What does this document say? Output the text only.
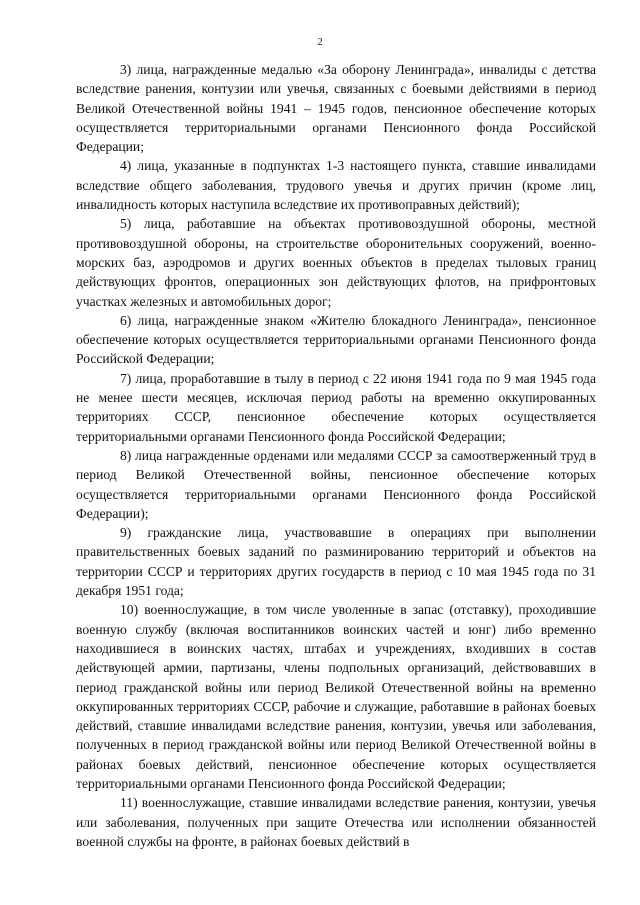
2

3) лица, награжденные медалью «За оборону Ленинграда», инвалиды с детства вследствие ранения, контузии или увечья, связанных с боевыми действиями в период Великой Отечественной войны 1941 – 1945 годов, пенсионное обеспечение которых осуществляется территориальными органами Пенсионного фонда Российской Федерации;

4) лица, указанные в подпунктах 1-3 настоящего пункта, ставшие инвалидами вследствие общего заболевания, трудового увечья и других причин (кроме лиц, инвалидность которых наступила вследствие их противоправных действий);

5) лица, работавшие на объектах противовоздушной обороны, местной противовоздушной обороны, на строительстве оборонительных сооружений, военно-морских баз, аэродромов и других военных объектов в пределах тыловых границ действующих фронтов, операционных зон действующих флотов, на прифронтовых участках железных и автомобильных дорог;

6) лица, награжденные знаком «Жителю блокадного Ленинграда», пенсионное обеспечение которых осуществляется территориальными органами Пенсионного фонда Российской Федерации;

7) лица, проработавшие в тылу в период с 22 июня 1941 года по 9 мая 1945 года не менее шести месяцев, исключая период работы на временно оккупированных территориях СССР, пенсионное обеспечение которых осуществляется территориальными органами Пенсионного фонда Российской Федерации;

8) лица награжденные орденами или медалями СССР за самоотверженный труд в период Великой Отечественной войны, пенсионное обеспечение которых осуществляется территориальными органами Пенсионного фонда Российской Федерации);

9) гражданские лица, участвовавшие в операциях при выполнении правительственных боевых заданий по разминированию территорий и объектов на территории СССР и территориях других государств в период с 10 мая 1945 года по 31 декабря 1951 года;

10) военнослужащие, в том числе уволенные в запас (отставку), проходившие военную службу (включая воспитанников воинских частей и юнг) либо временно находившиеся в воинских частях, штабах и учреждениях, входивших в состав действующей армии, партизаны, члены подпольных организаций, действовавших в период гражданской войны или период Великой Отечественной войны на временно оккупированных территориях СССР, рабочие и служащие, работавшие в районах боевых действий, ставшие инвалидами вследствие ранения, контузии, увечья или заболевания, полученных в период гражданской войны или период Великой Отечественной войны в районах боевых действий, пенсионное обеспечение которых осуществляется территориальными органами Пенсионного фонда Российской Федерации;

11) военнослужащие, ставшие инвалидами вследствие ранения, контузии, увечья или заболевания, полученных при защите Отечества или исполнении обязанностей военной службы на фронте, в районах боевых действий в
